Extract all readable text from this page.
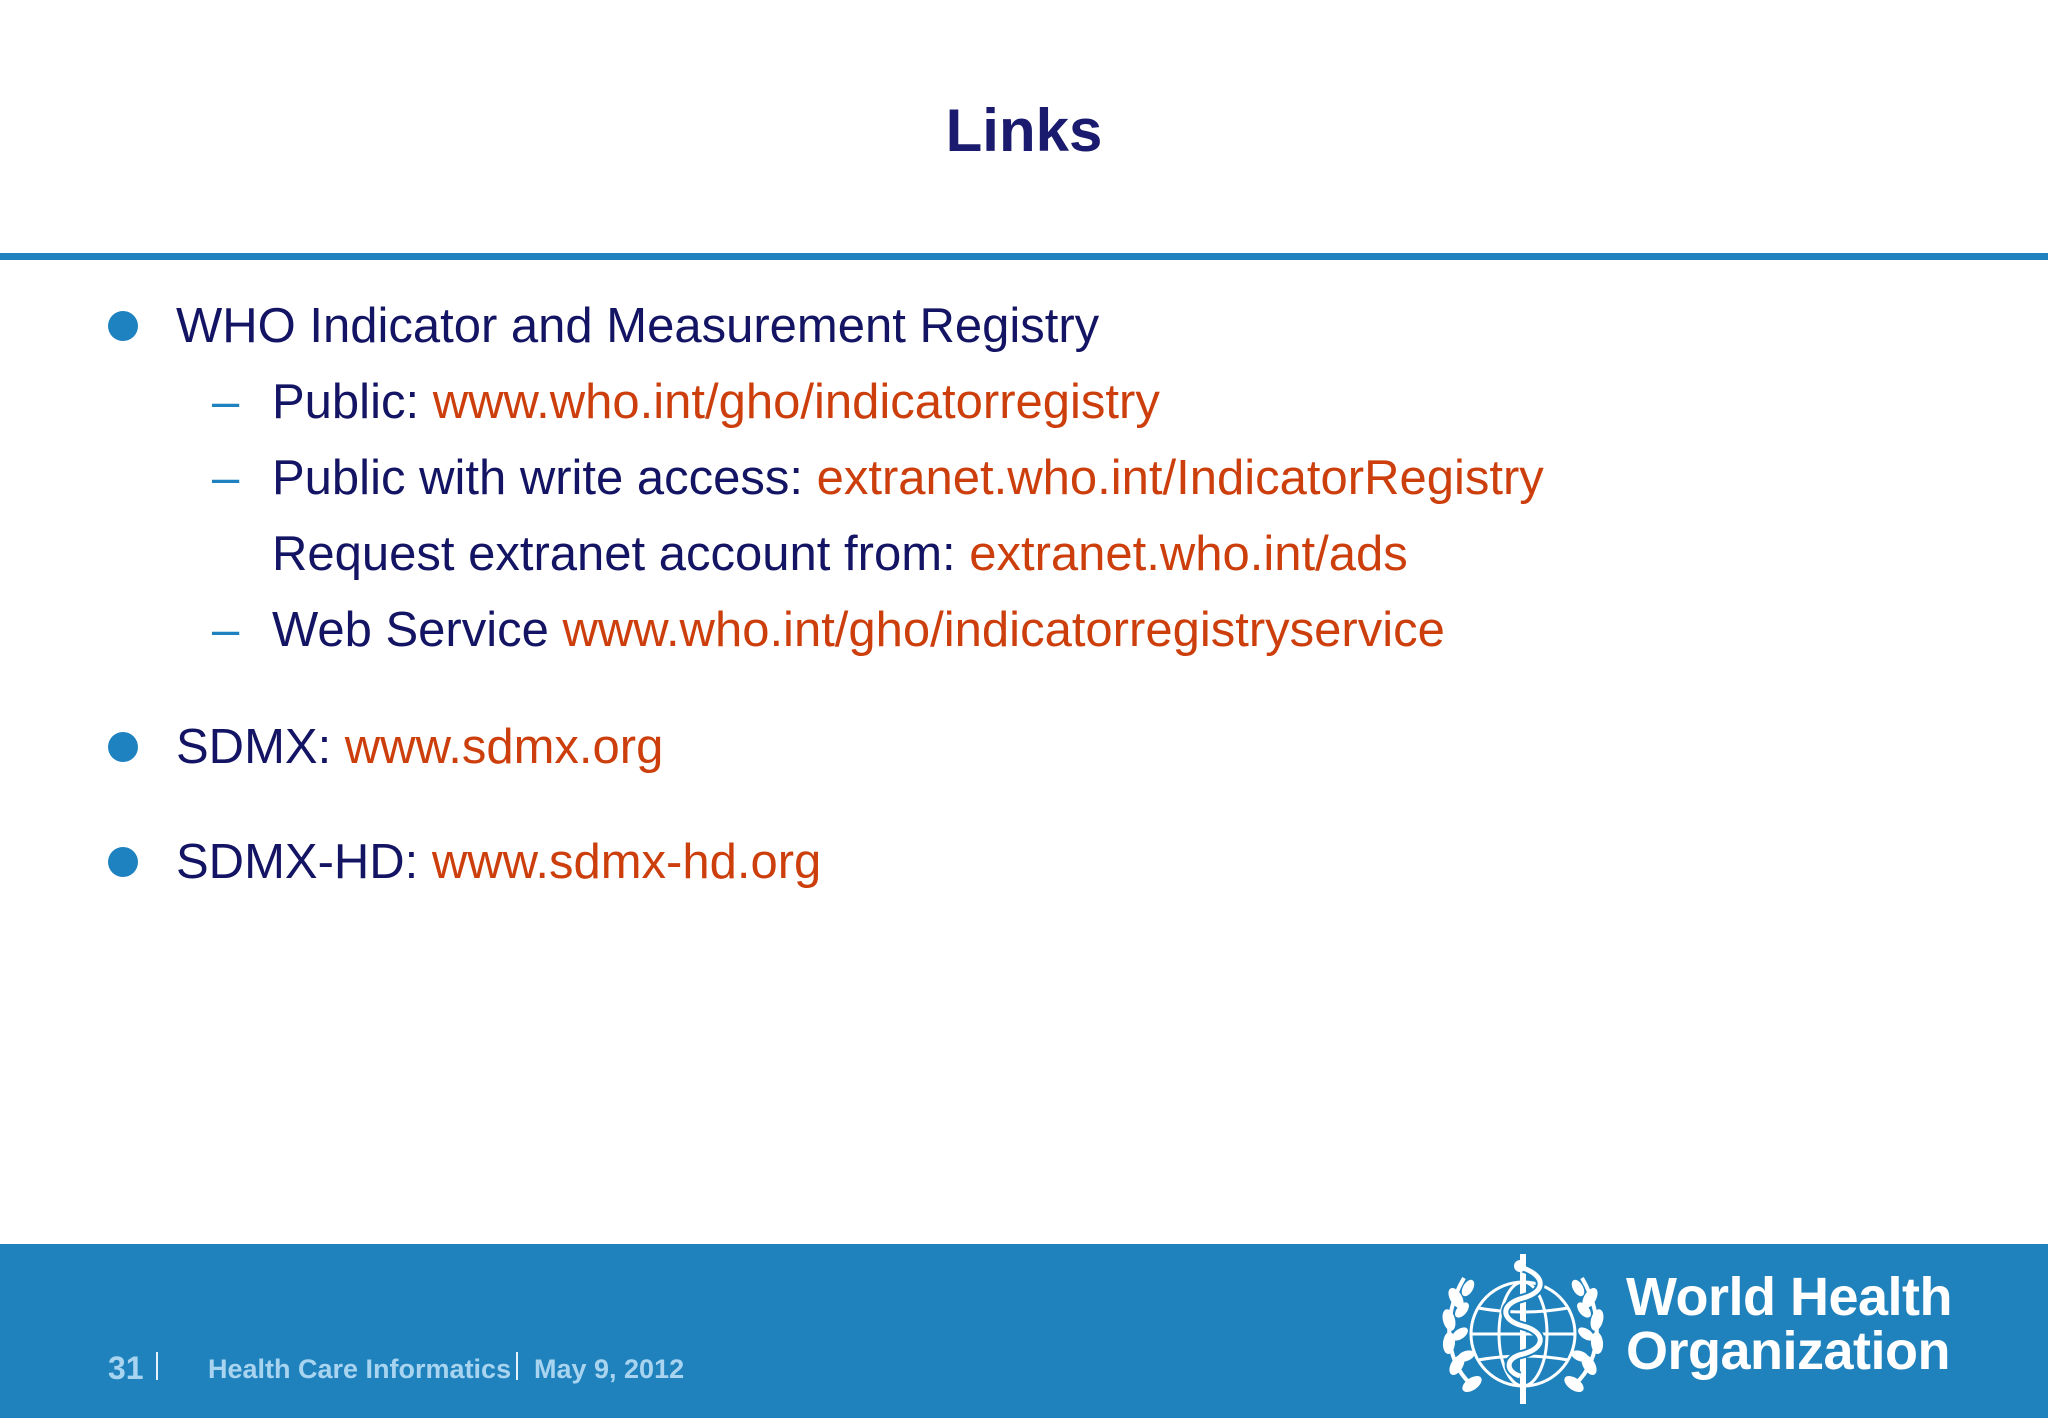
Links
WHO Indicator and Measurement Registry
– Public: www.who.int/gho/indicatorregistry
– Public with write access: extranet.who.int/IndicatorRegistry
Request extranet account from: extranet.who.int/ads
– Web Service www.who.int/gho/indicatorregistryservice
SDMX: www.sdmx.org
SDMX-HD: www.sdmx-hd.org
31 Health Care Informatics May 9, 2012
World Health
Organization
